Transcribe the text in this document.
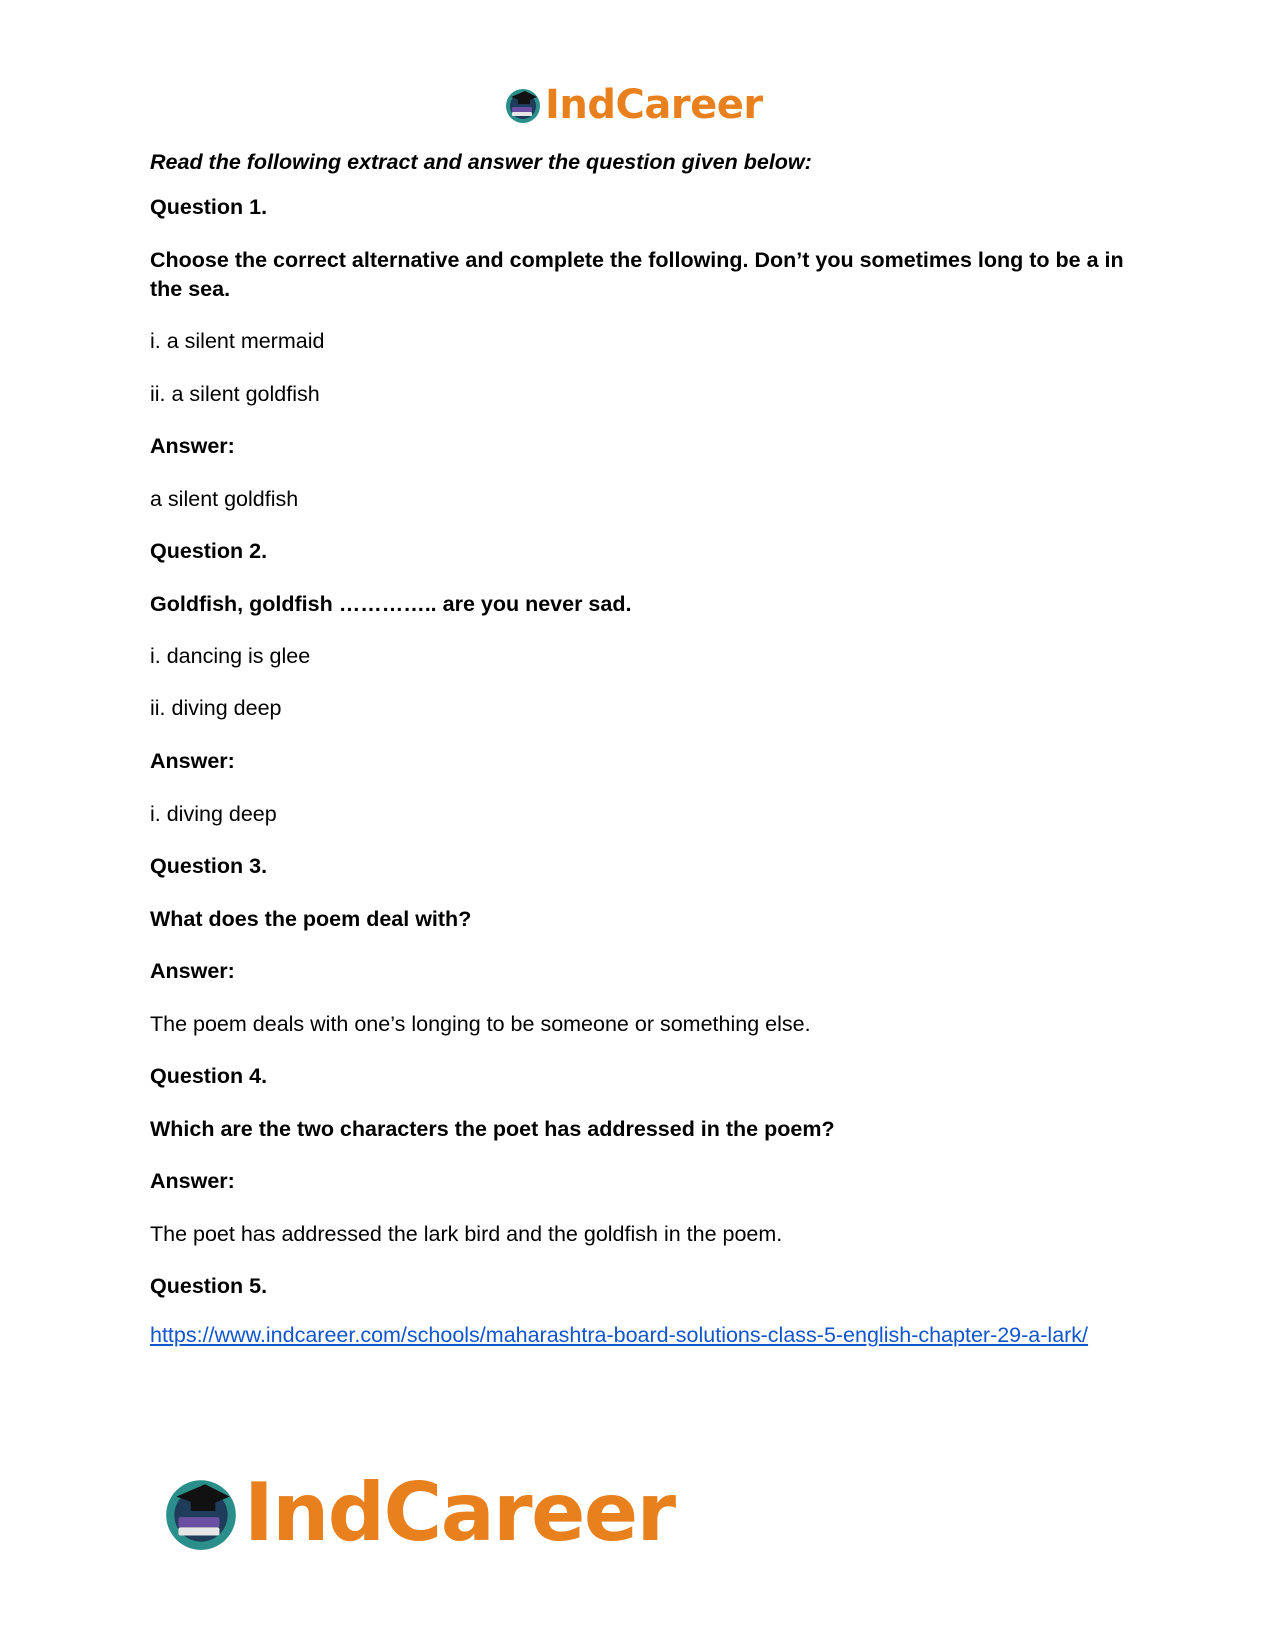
IndCareer

Read the following extract and answer the question given below:

Question 1.

Choose the correct alternative and complete the following. Don’t you sometimes long to be a in the sea.

i. a silent mermaid

ii. a silent goldfish

Answer:

a silent goldfish

Question 2.

Goldfish, goldfish ………….. are you never sad.

i. dancing is glee

ii. diving deep

Answer:

i. diving deep

Question 3.

What does the poem deal with?

Answer:

The poem deals with one’s longing to be someone or something else.

Question 4.

Which are the two characters the poet has addressed in the poem?

Answer:

The poet has addressed the lark bird and the goldfish in the poem.

Question 5.

https://www.indcareer.com/schools/maharashtra-board-solutions-class-5-english-chapter-29-a-lark/

IndCareer
